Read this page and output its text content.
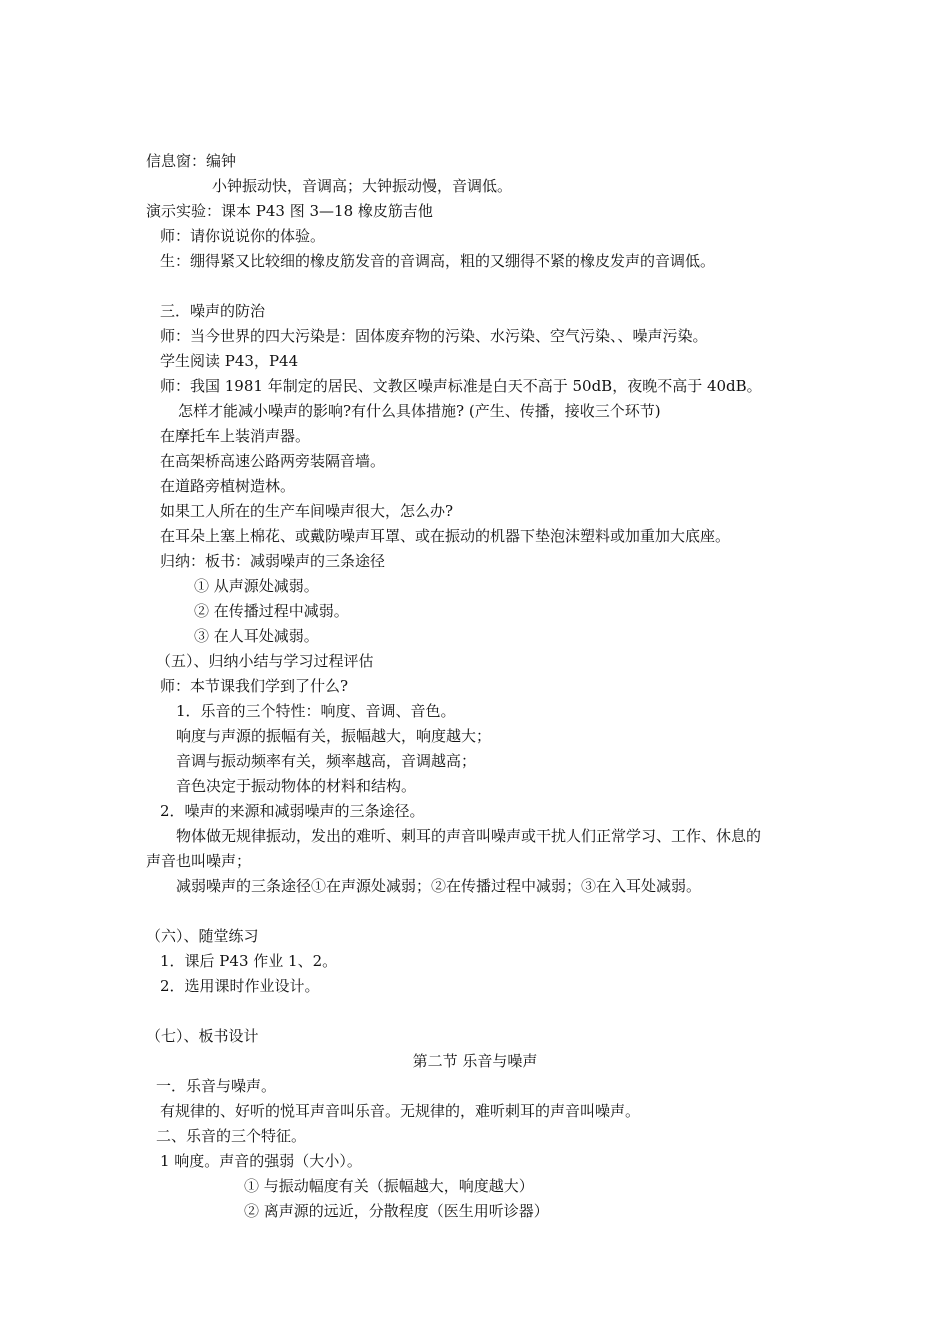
信息窗：编钟
小钟振动快，音调高；大钟振动慢，音调低。
演示实验：课本 P43 图 3—18 橡皮筋吉他
师：请你说说你的体验。
生：绷得紧又比较细的橡皮筋发音的音调高，粗的又绷得不紧的橡皮发声的音调低。
三．噪声的防治
师：当今世界的四大污染是：固体废弃物的污染、水污染、空气污染、、噪声污染。
学生阅读 P43，P44
师：我国 1981 年制定的居民、文教区噪声标准是白天不高于 50dB，夜晚不高于 40dB。
怎样才能减小噪声的影响?有什么具体措施? (产生、传播，接收三个环节)
在摩托车上装消声器。
在高架桥高速公路两旁装隔音墙。
在道路旁植树造林。
如果工人所在的生产车间噪声很大，怎么办?
在耳朵上塞上棉花、或戴防噪声耳罩、或在振动的机器下垫泡沫塑料或加重加大底座。
归纳：板书：减弱噪声的三条途径
① 从声源处减弱。
② 在传播过程中减弱。
③ 在人耳处减弱。
（五）、归纳小结与学习过程评估
师：本节课我们学到了什么?
1．乐音的三个特性：响度、音调、音色。
响度与声源的振幅有关，振幅越大，响度越大；
音调与振动频率有关，频率越高，音调越高；
音色决定于振动物体的材料和结构。
2．噪声的来源和减弱噪声的三条途径。
物体做无规律振动，发出的难听、刺耳的声音叫噪声或干扰人们正常学习、工作、休息的
声音也叫噪声；
减弱噪声的三条途径①在声源处减弱；②在传播过程中减弱；③在入耳处减弱。
（六）、随堂练习
1．课后 P43 作业 1、2。
2．选用课时作业设计。
（七）、板书设计
第二节 乐音与噪声
一．乐音与噪声。
有规律的、好听的悦耳声音叫乐音。无规律的，难听刺耳的声音叫噪声。
二、乐音的三个特征。
1 响度。声音的强弱（大小）。
① 与振动幅度有关（振幅越大，响度越大）
② 离声源的远近，分散程度（医生用听诊器）
